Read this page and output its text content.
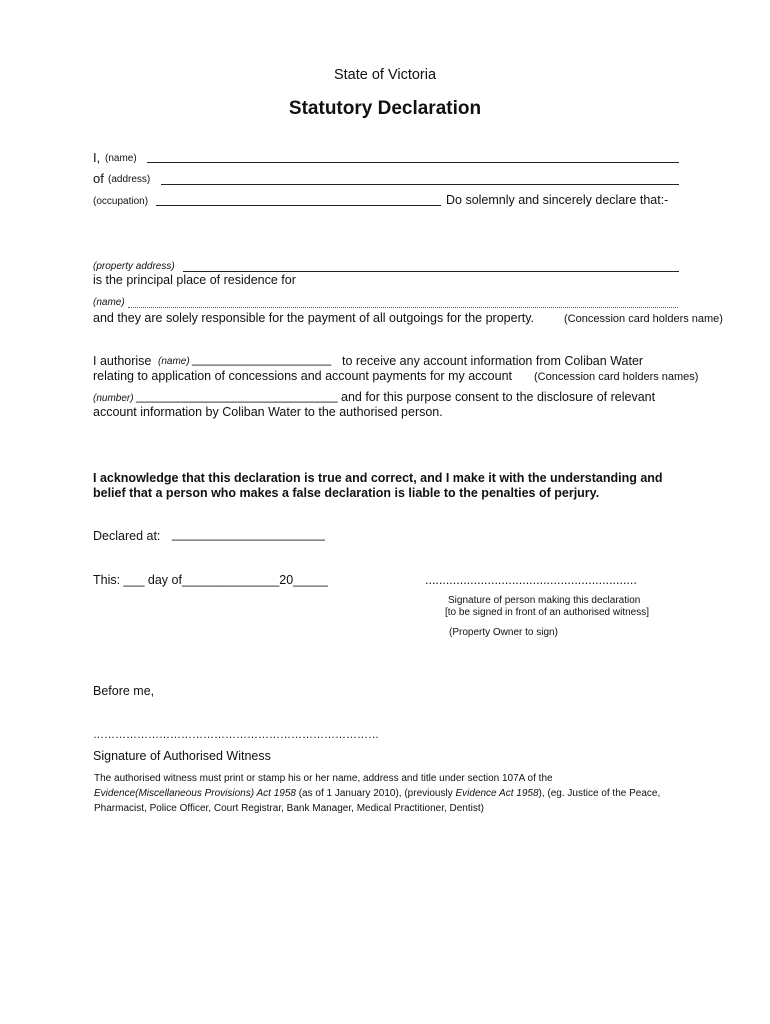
State of Victoria
Statutory Declaration
I, (name)
of (address)
(occupation)	Do solemnly and sincerely declare that:-
(property address)
is the principal place of residence for
(name)
and they are solely responsible for the payment of all outgoings for the property.	(Concession card holders name)
I authorise (name) ____________________ to receive any account information from Coliban Water
relating to application of concessions and account payments for my account (Concession card holders names)
(number) _____________________________ and for this purpose consent to the disclosure of relevant
account information by Coliban Water to the authorised person.
I acknowledge that this declaration is true and correct, and I make it with the understanding and
belief that a person who makes a false declaration is liable to the penalties of perjury.
Declared at: ______________________
This: ___ day of______________20_____	.............................................................
Signature of person making this declaration
[to be signed in front of an authorised witness]
(Property Owner to sign)
Before me,
……………………………………………………………………
Signature of Authorised Witness
The authorised witness must print or stamp his or her name, address and title under section 107A of the
Evidence(Miscellaneous Provisions) Act 1958 (as of 1 January 2010), (previously Evidence Act 1958), (eg. Justice of the Peace,
Pharmacist, Police Officer, Court Registrar, Bank Manager, Medical Practitioner, Dentist)
